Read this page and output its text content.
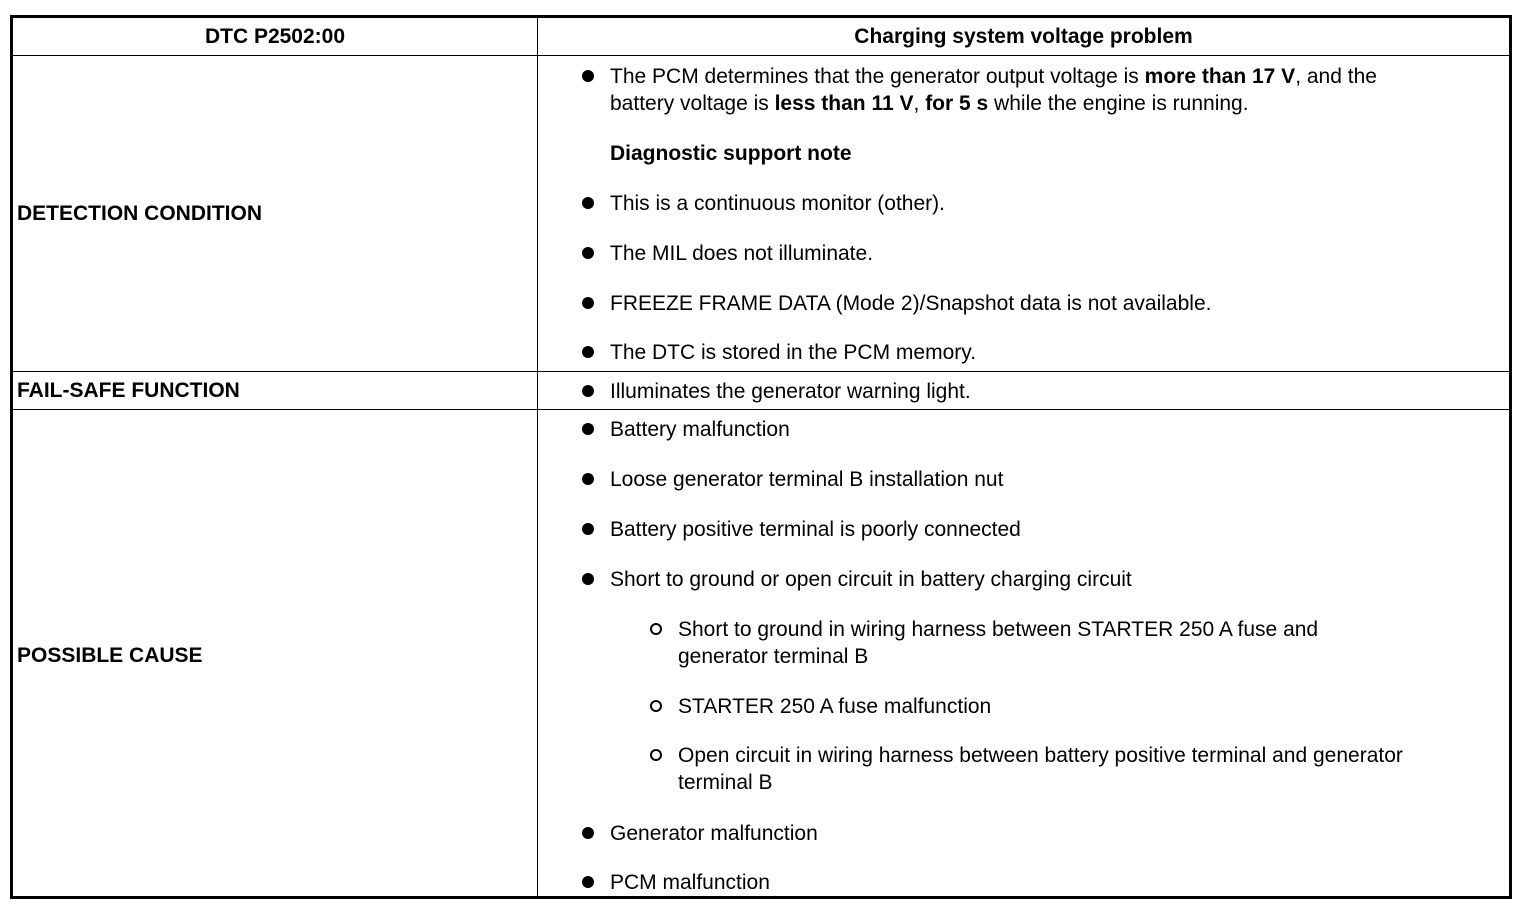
DTC P2502:00	Charging system voltage problem
DETECTION CONDITION
The PCM determines that the generator output voltage is more than 17 V, and the
battery voltage is less than 11 V, for 5 s while the engine is running.
Diagnostic support note
This is a continuous monitor (other).
The MIL does not illuminate.
FREEZE FRAME DATA (Mode 2)/Snapshot data is not available.
The DTC is stored in the PCM memory.
FAIL-SAFE FUNCTION	Illuminates the generator warning light.
POSSIBLE CAUSE
Battery malfunction
Loose generator terminal B installation nut
Battery positive terminal is poorly connected
Short to ground or open circuit in battery charging circuit
Short to ground in wiring harness between STARTER 250 A fuse and
generator terminal B
STARTER 250 A fuse malfunction
Open circuit in wiring harness between battery positive terminal and generator
terminal B
Generator malfunction
PCM malfunction
